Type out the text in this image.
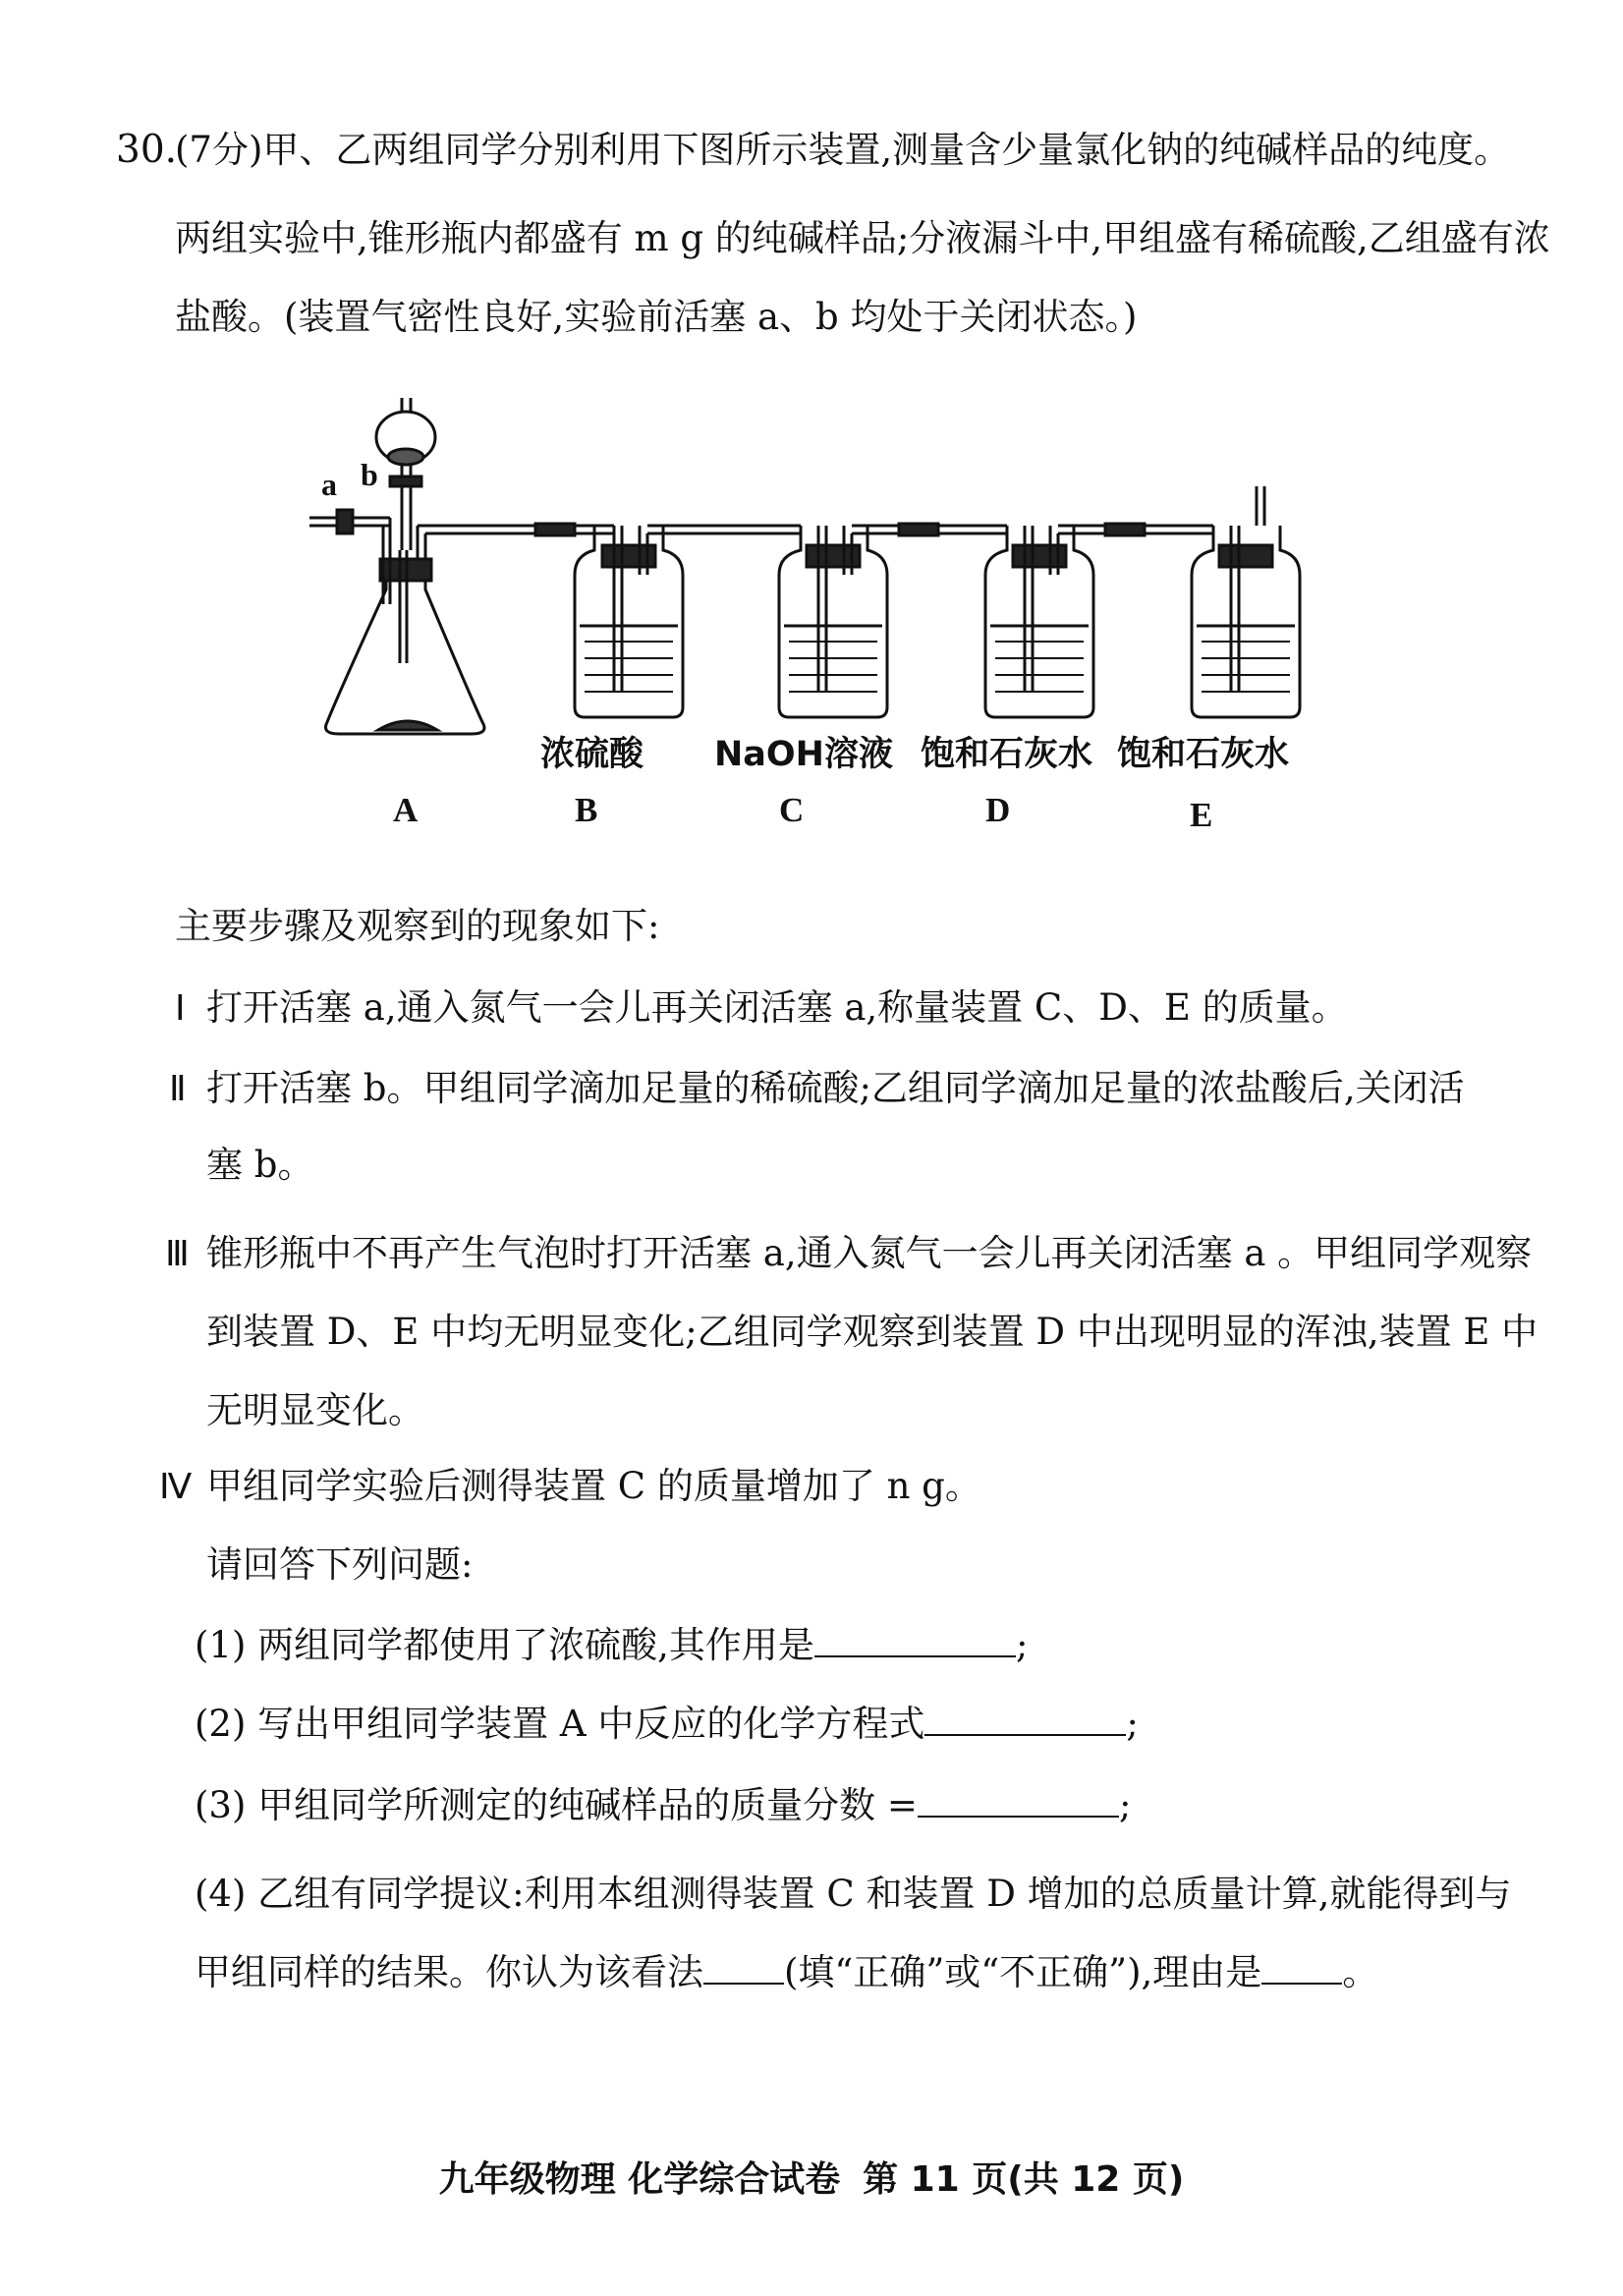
30.
(7分)甲、乙两组同学分别利用下图所示装置,测量含少量氯化钠的纯碱样品的纯度。
两组实验中,锥形瓶内都盛有 m g 的纯碱样品;分液漏斗中,甲组盛有稀硫酸,乙组盛有浓
盐酸。(装置气密性良好,实验前活塞 a、b 均处于关闭状态。)
a b
浓硫酸 NaOH溶液 饱和石灰水 饱和石灰水
A	B	C	D	E
主要步骤及观察到的现象如下:
Ⅰ 打开活塞 a,通入氮气一会儿再关闭活塞 a,称量装置 C、D、E 的质量。
Ⅱ 打开活塞 b。甲组同学滴加足量的稀硫酸;乙组同学滴加足量的浓盐酸后,关闭活
塞 b。
Ⅲ 锥形瓶中不再产生气泡时打开活塞 a,通入氮气一会儿再关闭活塞 a 。甲组同学观察
到装置 D、E 中均无明显变化;乙组同学观察到装置 D 中出现明显的浑浊,装置 E 中
无明显变化。
Ⅳ 甲组同学实验后测得装置 C 的质量增加了 n g。
请回答下列问题:
(1) 两组同学都使用了浓硫酸,其作用是	;
(2) 写出甲组同学装置 A 中反应的化学方程式	;
(3) 甲组同学所测定的纯碱样品的质量分数 =	;
(4) 乙组有同学提议:利用本组测得装置 C 和装置 D 增加的总质量计算,就能得到与
甲组同样的结果。你认为该看法 (填“正确”或“不正确”),理由是 。
九年级物理 化学综合试卷 第 11 页(共 12 页)
